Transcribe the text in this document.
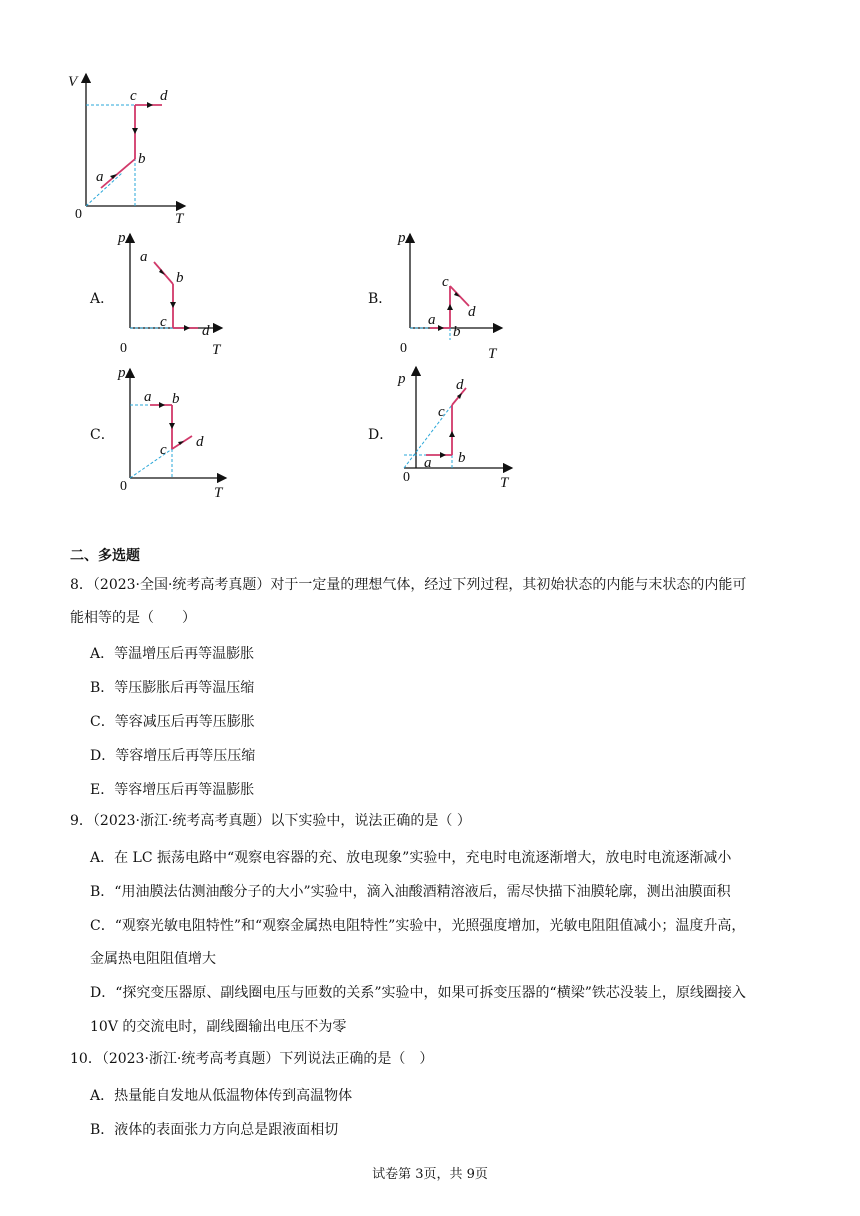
V
T
0
a
b
c d
A．
p
T
0
a
b
c
d
B．
p
T
0
a
b
c
d
C．
p
T
0
a b
c d	D．
p
T
0
a b
c
d
二、多选题
8．（2023·全国·统考高考真题）对于一定量的理想气体，经过下列过程，其初始状态的内能与末状态的内能可
能相等的是（　　）
A．等温增压后再等温膨胀
B．等压膨胀后再等温压缩
C．等容减压后再等压膨胀
D．等容增压后再等压压缩
E．等容增压后再等温膨胀
9．（2023·浙江·统考高考真题）以下实验中，说法正确的是（ ）
A．在 LC 振荡电路中“观察电容器的充、放电现象”实验中，充电时电流逐渐增大，放电时电流逐渐减小
B．“用油膜法估测油酸分子的大小”实验中，滴入油酸酒精溶液后，需尽快描下油膜轮廓，测出油膜面积
C．“观察光敏电阻特性”和“观察金属热电阻特性”实验中，光照强度增加，光敏电阻阻值减小；温度升高，
金属热电阻阻值增大
D．“探究变压器原、副线圈电压与匝数的关系”实验中，如果可拆变压器的“横梁”铁芯没装上，原线圈接入
10V 的交流电时，副线圈输出电压不为零
10．（2023·浙江·统考高考真题）下列说法正确的是（　）
A．热量能自发地从低温物体传到高温物体
B．液体的表面张力方向总是跟液面相切
试卷第 3页，共 9页
